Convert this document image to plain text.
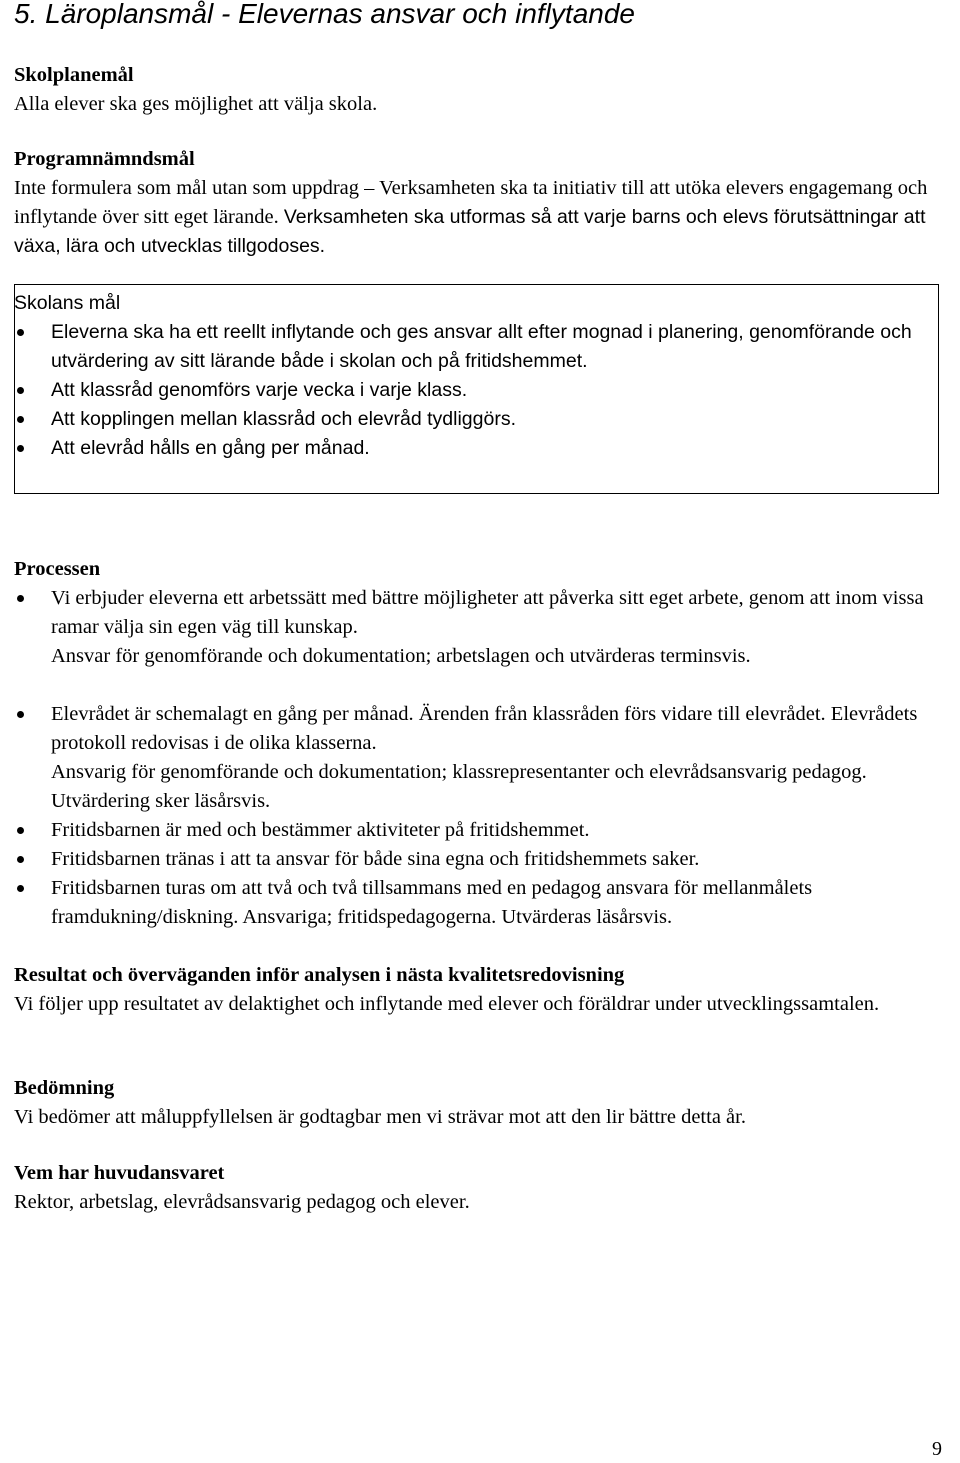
5. Läroplansmål - Elevernas ansvar och inflytande
Skolplanemål

Alla elever ska ges möjlighet att välja skola.

Programnämndsmål

Inte formulera som mål utan som uppdrag – Verksamheten ska ta initiativ till att utöka elevers engagemang och inflytande över sitt eget lärande. Verksamheten ska utformas så att varje barns och elevs förutsättningar att växa, lära och utvecklas tillgodoses.

Skolans mål
Eleverna ska ha ett reellt inflytande och ges ansvar allt efter mognad i planering, genomförande och utvärdering av sitt lärande både i skolan och på fritidshemmet.
Att klassråd genomförs varje vecka i varje klass.
Att kopplingen mellan klassråd och elevråd tydliggörs.
Att elevråd hålls en gång per månad.
Processen
Vi erbjuder eleverna ett arbetssätt med bättre möjligheter att påverka sitt eget arbete, genom att inom vissa ramar välja sin egen väg till kunskap.
Ansvar för genomförande och dokumentation; arbetslagen och utvärderas terminsvis.
Elevrådet är schemalagt en gång per månad. Ärenden från klassråden förs vidare till elevrådet. Elevrådets protokoll redovisas i de olika klasserna.
Ansvarig för genomförande och dokumentation; klassrepresentanter och elevrådsansvarig pedagog. Utvärdering sker läsårsvis.
Fritidsbarnen är med och bestämmer aktiviteter på fritidshemmet.
Fritidsbarnen tränas i att ta ansvar för både sina egna och fritidshemmets saker.
Fritidsbarnen turas om att två och två tillsammans med en pedagog ansvara för mellanmålets framdukning/diskning. Ansvariga; fritidspedagogerna. Utvärderas läsårsvis.
Resultat och överväganden inför analysen i nästa kvalitetsredovisning

Vi följer upp resultatet av delaktighet och inflytande med elever och föräldrar under utvecklingssamtalen.

Bedömning

Vi bedömer att måluppfyllelsen är godtagbar men vi strävar mot att den lir bättre detta år.

Vem har huvudansvaret

Rektor, arbetslag, elevrådsansvarig pedagog och elever.

9
